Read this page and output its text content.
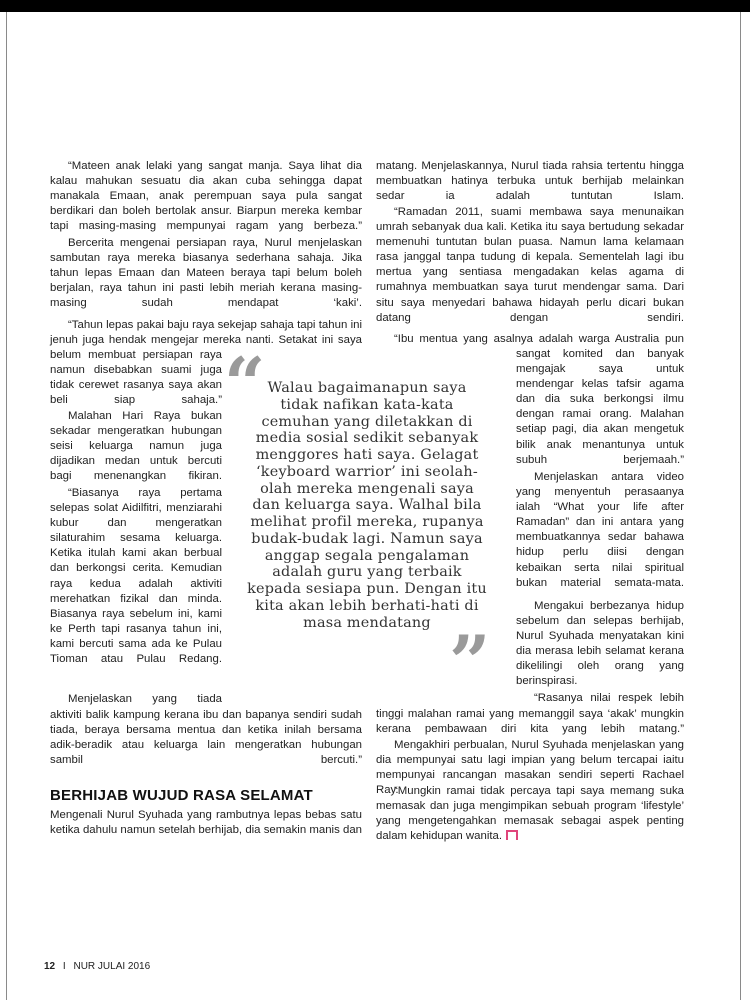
“Mateen anak lelaki yang sangat manja. Saya lihat dia kalau mahukan sesuatu dia akan cuba sehingga dapat manakala Emaan, anak perempuan saya pula sangat berdikari dan boleh bertolak ansur. Biarpun mereka kembar tapi masing-masing mempunyai ragam yang berbeza.”

Bercerita mengenai persiapan raya, Nurul menjelaskan sambutan raya mereka biasanya sederhana sahaja. Jika tahun lepas Emaan dan Mateen beraya tapi belum boleh berjalan, raya tahun ini pasti lebih meriah kerana masing-masing sudah mendapat ‘kaki’.

“Tahun lepas pakai baju raya sekejap sahaja tapi tahun ini jenuh juga hendak mengejar mereka nanti. Setakat ini saya

belum membuat persiapan raya namun disebabkan suami juga tidak cerewet rasanya saya akan beli siap sahaja.”

Malahan Hari Raya bukan sekadar mengeratkan hubungan seisi keluarga namun juga dijadikan medan untuk bercuti bagi menenangkan fikiran.

“Biasanya raya pertama selepas solat Aidilfitri, menziarahi kubur dan mengeratkan silaturahim sesama keluarga. Ketika itulah kami akan berbual dan berkongsi cerita. Kemudian raya kedua adalah aktiviti merehatkan fizikal dan minda. Biasanya raya sebelum ini, kami ke Perth tapi rasanya tahun ini, kami bercuti sama ada ke Pulau Tioman atau Pulau Redang.

Menjelaskan yang tiada

aktiviti balik kampung kerana ibu dan bapanya sendiri sudah tiada, beraya bersama mentua dan ketika inilah bersama adik-beradik atau keluarga lain mengeratkan hubungan sambil bercuti.”

BERHIJAB WUJUD RASA SELAMAT

Mengenali Nurul Syuhada yang rambutnya lepas bebas satu ketika dahulu namun setelah berhijab, dia semakin manis dan

matang. Menjelaskannya, Nurul tiada rahsia tertentu hingga membuatkan hatinya terbuka untuk berhijab melainkan sedar ia adalah tuntutan Islam.

“Ramadan 2011, suami membawa saya menunaikan umrah sebanyak dua kali. Ketika itu saya bertudung sekadar memenuhi tuntutan bulan puasa. Namun lama kelamaan rasa janggal tanpa tudung di kepala. Sementelah lagi ibu mertua yang sentiasa mengadakan kelas agama di rumahnya membuatkan saya turut mendengar sama. Dari situ saya menyedari bahawa hidayah perlu dicari bukan datang dengan sendiri.

“Ibu mentua yang asalnya adalah warga Australia pun

sangat komited dan banyak mengajak saya untuk mendengar kelas tafsir agama dan dia suka berkongsi ilmu dengan ramai orang. Malahan setiap pagi, dia akan mengetuk bilik anak menantunya untuk subuh berjemaah.”

Menjelaskan antara video yang menyentuh perasaanya ialah “What your life after Ramadan” dan ini antara yang membuatkannya sedar bahawa hidup perlu diisi dengan kebaikan serta nilai spiritual bukan material semata-mata.

Mengakui berbezanya hidup sebelum dan selepas berhijab, Nurul Syuhada menyatakan kini dia merasa lebih selamat kerana dikelilingi oleh orang yang berinspirasi.

“Rasanya nilai respek lebih

tinggi malahan ramai yang memanggil saya ‘akak’ mungkin kerana pembawaan diri kita yang lebih matang.”

Mengakhiri perbualan, Nurul Syuhada menjelaskan yang dia mempunyai satu lagi impian yang belum tercapai iaitu mempunyai rancangan masakan sendiri seperti Rachael Ray.

“Mungkin ramai tidak percaya tapi saya memang suka memasak dan juga mengimpikan sebuah program ‘lifestyle’ yang mengetengahkan memasak sebagai aspek penting dalam kehidupan wanita.

“ Walau bagaimanapun saya
tidak nafikan kata-kata
cemuhan yang diletakkan di
media sosial sedikit sebanyak
menggores hati saya. Gelagat
‘keyboard warrior’ ini seolah-
olah mereka mengenali saya
dan keluarga saya. Walhal bila
melihat profil mereka, rupanya
budak-budak lagi. Namun saya
anggap segala pengalaman
adalah guru yang terbaik
kepada sesiapa pun. Dengan itu
kita akan lebih berhati-hati di
masa mendatang ”
12 I NUR JULAI 2016
